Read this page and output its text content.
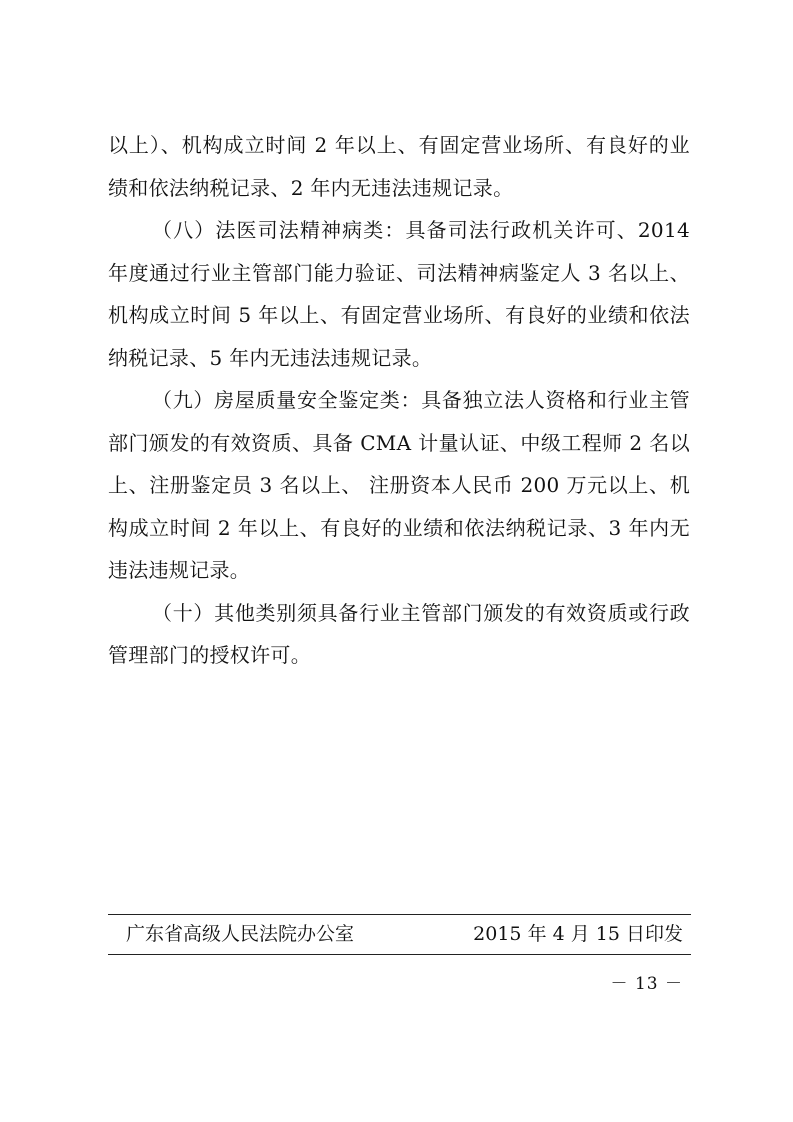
以上）、机构成立时间 2 年以上、有固定营业场所、有良好的业绩和依法纳税记录、2 年内无违法违规记录。

（八）法医司法精神病类：具备司法行政机关许可、2014年度通过行业主管部门能力验证、司法精神病鉴定人 3 名以上、机构成立时间 5 年以上、有固定营业场所、有良好的业绩和依法纳税记录、5 年内无违法违规记录。

（九）房屋质量安全鉴定类：具备独立法人资格和行业主管部门颁发的有效资质、具备 CMA 计量认证、中级工程师 2 名以上、注册鉴定员 3 名以上、 注册资本人民币 200 万元以上、机构成立时间 2 年以上、有良好的业绩和依法纳税记录、3 年内无违法违规记录。

（十）其他类别须具备行业主管部门颁发的有效资质或行政管理部门的授权许可。

广东省高级人民法院办公室	2015 年 4 月 15 日印发
－ 13 －
